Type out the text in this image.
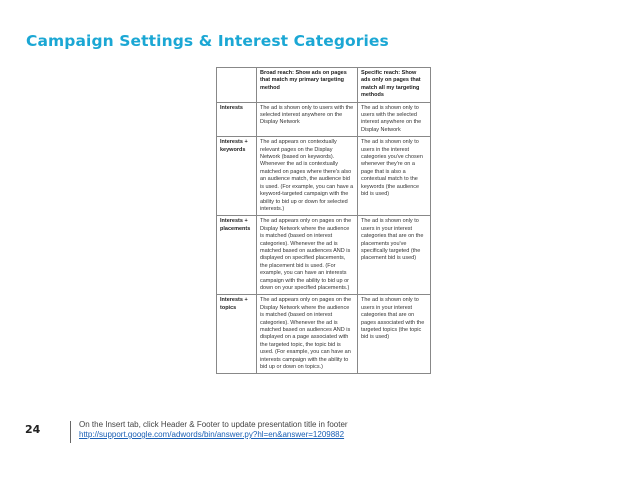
Campaign Settings & Interest Categories
	Broad reach: Show ads on pages that match my primary targeting method	Specific reach: Show ads only on pages that match all my targeting methods
Interests	The ad is shown only to users with the selected interest anywhere on the Display Network	The ad is shown only to users with the selected interest anywhere on the Display Network
Interests + keywords	The ad appears on contextually relevant pages on the Display Network (based on keywords). Whenever the ad is contextually matched on pages where there's also an audience match, the audience bid is used. (For example, you can have a keyword-targeted campaign with the ability to bid up or down for selected interests.)	The ad is shown only to users in the interest categories you've chosen whenever they're on a page that is also a contextual match to the keywords (the audience bid is used)
Interests + placements	The ad appears only on pages on the Display Network where the audience is matched (based on interest categories). Whenever the ad is matched based on audiences AND is displayed on specified placements, the placement bid is used. (For example, you can have an interests campaign with the ability to bid up or down on your specified placements.)	The ad is shown only to users in your interest categories that are on the placements you've specifically targeted (the placement bid is used)
Interests + topics	The ad appears only on pages on the Display Network where the audience is matched (based on interest categories). Whenever the ad is matched based on audiences AND is displayed on a page associated with the targeted topic, the topic bid is used. (For example, you can have an interests campaign with the ability to bid up or down on topics.)	The ad is shown only to users in your interest categories that are on pages associated with the targeted topics (the topic bid is used)
24	On the Insert tab, click Header & Footer to update presentation title in footer
http://support.google.com/adwords/bin/answer.py?hl=en&answer=1209882
